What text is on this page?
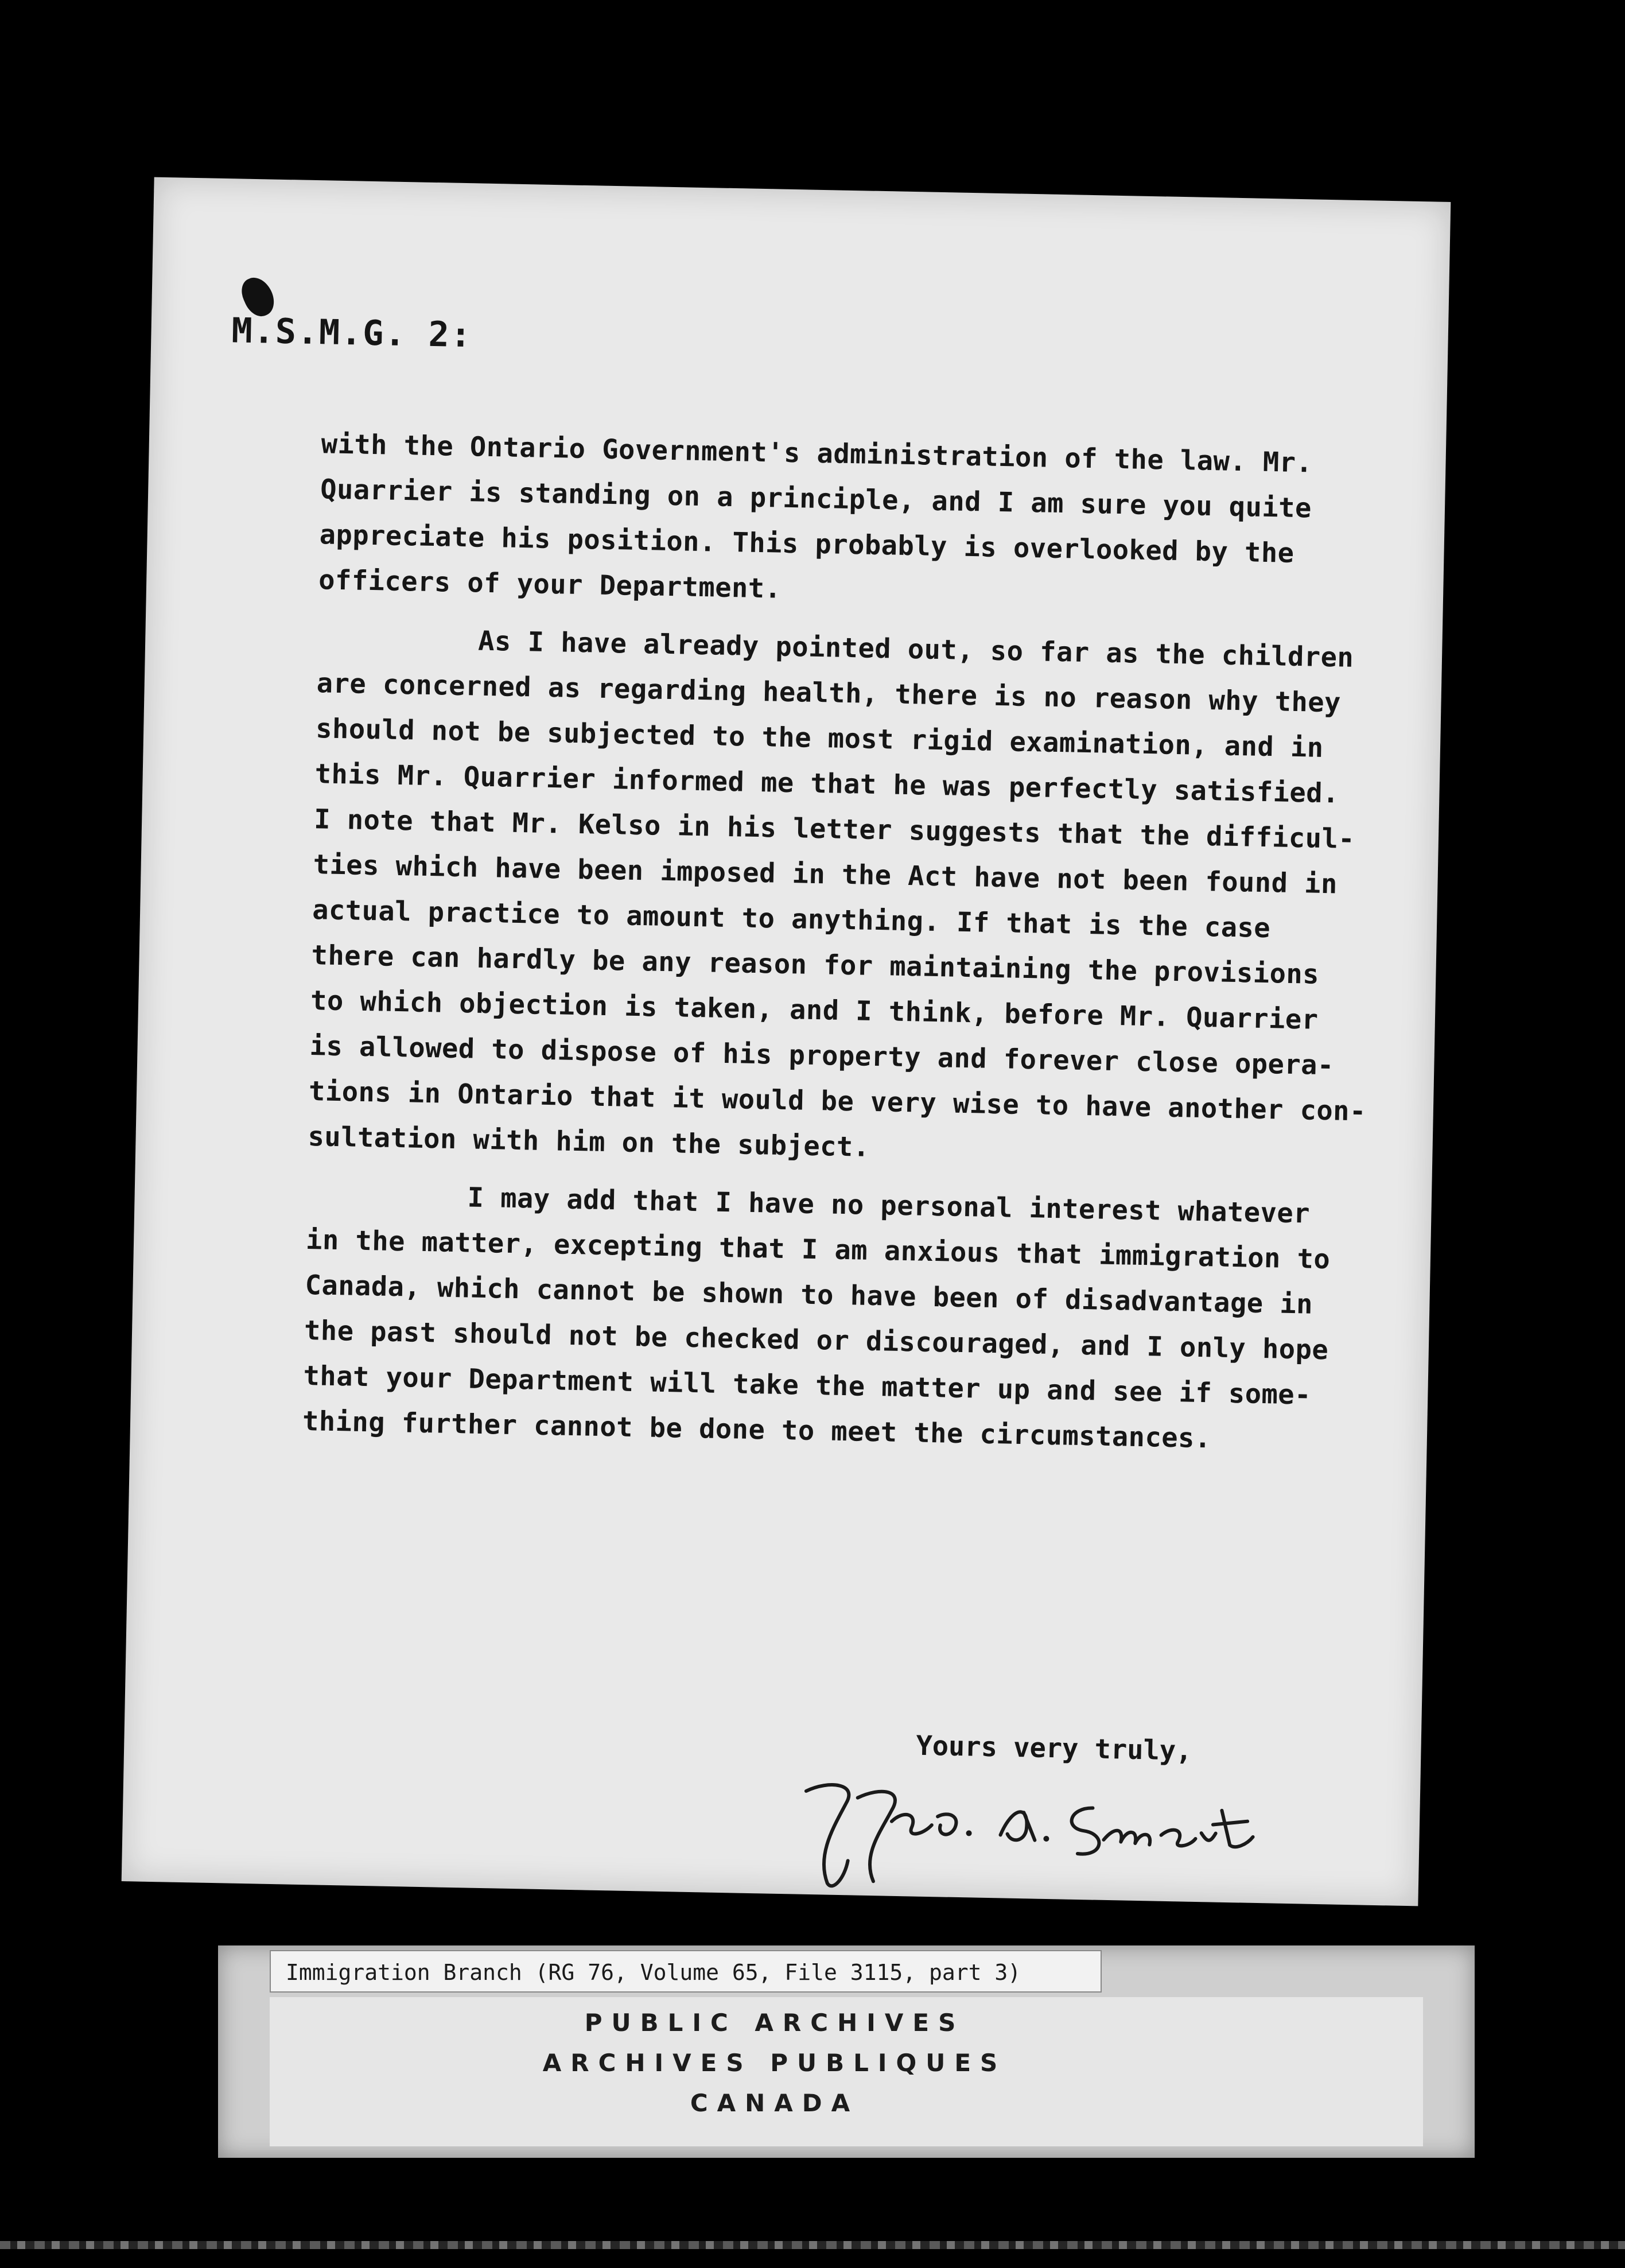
M.S.M.G. 2:
with the Ontario Government's administration of the law. Mr.
Quarrier is standing on a principle, and I am sure you quite
appreciate his position. This probably is overlooked by the
officers of your Department.
As I have already pointed out, so far as the children
are concerned as regarding health, there is no reason why they
should not be subjected to the most rigid examination, and in
this Mr. Quarrier informed me that he was perfectly satisfied.
I note that Mr. Kelso in his letter suggests that the difficul-
ties which have been imposed in the Act have not been found in
actual practice to amount to anything. If that is the case
there can hardly be any reason for maintaining the provisions
to which objection is taken, and I think, before Mr. Quarrier
is allowed to dispose of his property and forever close opera-
tions in Ontario that it would be very wise to have another con-
sultation with him on the subject.
I may add that I have no personal interest whatever
in the matter, excepting that I am anxious that immigration to
Canada, which cannot be shown to have been of disadvantage in
the past should not be checked or discouraged, and I only hope
that your Department will take the matter up and see if some-
thing further cannot be done to meet the circumstances.
Yours very truly,
Immigration Branch (RG 76, Volume 65, File 3115, part 3)
PUBLIC ARCHIVES
ARCHIVES PUBLIQUES
CANADA
